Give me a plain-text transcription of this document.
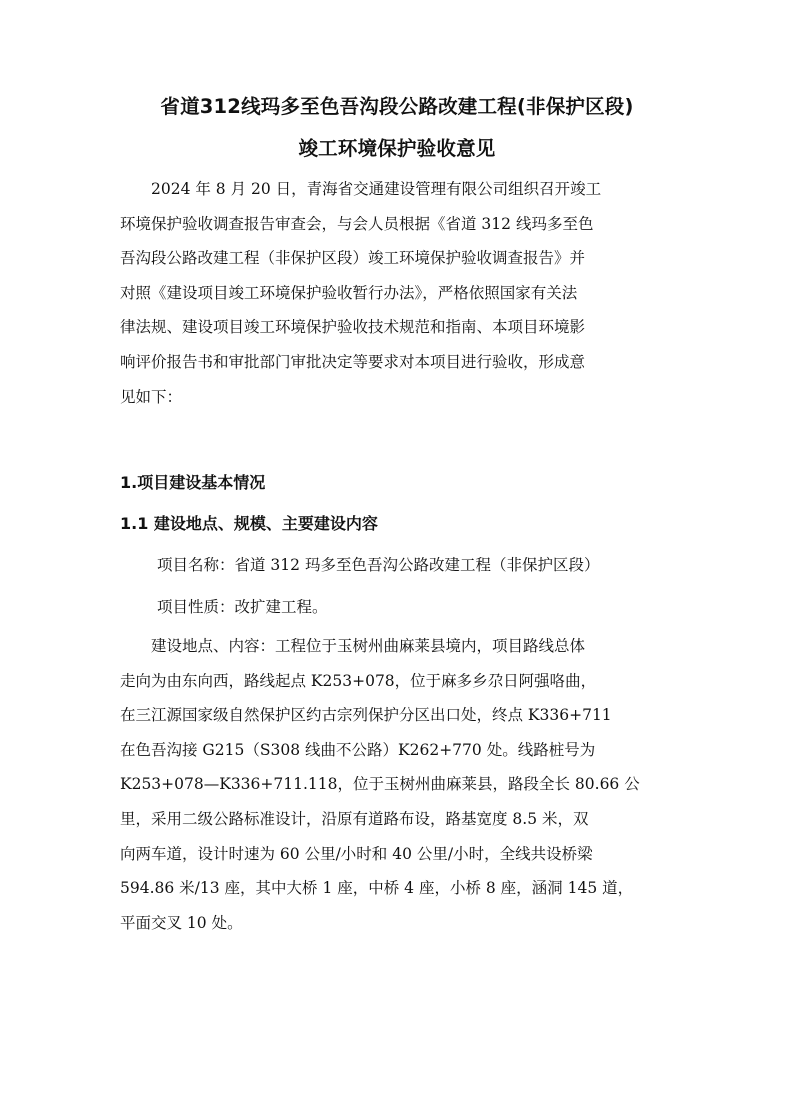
省道312线玛多至色吾沟段公路改建工程(非保护区段)
竣工环境保护验收意见
　　2024 年 8 月 20 日，青海省交通建设管理有限公司组织召开竣工
环境保护验收调查报告审查会，与会人员根据《省道 312 线玛多至色
吾沟段公路改建工程（非保护区段）竣工环境保护验收调查报告》并
对照《建设项目竣工环境保护验收暂行办法》，严格依照国家有关法
律法规、建设项目竣工环境保护验收技术规范和指南、本项目环境影
响评价报告书和审批部门审批决定等要求对本项目进行验收，形成意
见如下：
1.项目建设基本情况
1.1 建设地点、规模、主要建设内容
项目名称：省道 312 玛多至色吾沟公路改建工程（非保护区段）
项目性质：改扩建工程。
　　建设地点、内容：工程位于玉树州曲麻莱县境内，项目路线总体
走向为由东向西，路线起点 K253+078，位于麻多乡尕日阿强咯曲，
在三江源国家级自然保护区约古宗列保护分区出口处，终点 K336+711
在色吾沟接 G215（S308 线曲不公路）K262+770 处。线路桩号为
K253+078—K336+711.118，位于玉树州曲麻莱县，路段全长 80.66 公
里，采用二级公路标准设计，沿原有道路布设，路基宽度 8.5 米，双
向两车道，设计时速为 60 公里/小时和 40 公里/小时，全线共设桥梁
594.86 米/13 座，其中大桥 1 座，中桥 4 座，小桥 8 座，涵洞 145 道，
平面交叉 10 处。
